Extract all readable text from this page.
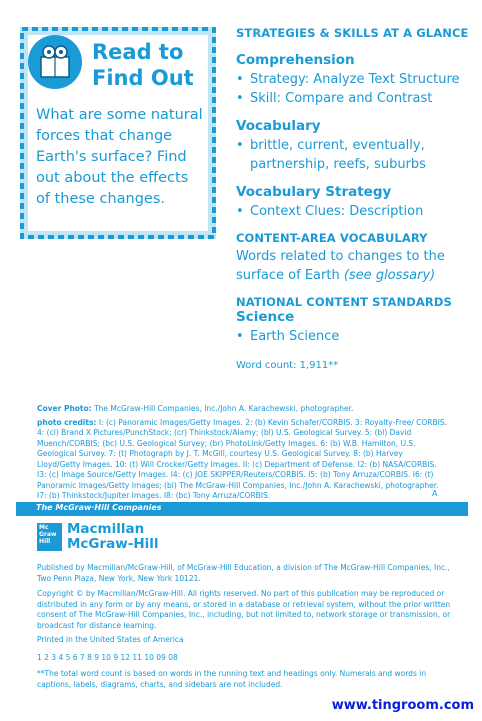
Read to
Find Out
What are some natural forces that change Earth's surface? Find out about the effects of these changes.
STRATEGIES & SKILLS AT A GLANCE
Comprehension
• Strategy: Analyze Text Structure
• Skill: Compare and Contrast
Vocabulary
• brittle, current, eventually, partnership, reefs, suburbs
Vocabulary Strategy
• Context Clues: Description
CONTENT-AREA VOCABULARY
Words related to changes to the surface of Earth (see glossary)
NATIONAL CONTENT STANDARDS
Science
• Earth Science
Word count: 1,911**
Cover Photo: The McGraw-Hill Companies, Inc./John A. Karachewski, photographer.
photo credits: I: (c) Panoramic Images/Getty Images. 2: (b) Kevin Schafer/CORBIS. 3: Royalty-Free/ CORBIS. 4: (cl) Brand X Pictures/PunchStock; (cr) Thinkstock/Alamy; (bl) U.S. Geological Survey. 5: (bl) David Muench/CORBIS; (bc) U.S. Geological Survey; (br) PhotoLink/Getty Images. 6: (b) W.B. Hamilton, U.S. Geological Survey. 7: (t) Photograph by J. T. McGill, courtesy U.S. Geological Survey. 8: (b) Harvey Lloyd/Getty Images. 10: (t) Will Crocker/Getty Images. II: (c) Department of Defense. I2: (b) NASA/CORBIS. I3: (c) Image Source/Getty Images. I4: (c) JOE SKIPPER/Reuters/CORBIS. I5: (b) Tony Arruza/CORBIS. I6: (t) Panoramic Images/Getty Images; (bl) The McGraw-Hill Companies, Inc./John A. Karachewski, photographer. I7: (b) Thinkstock/Jupiter Images. I8: (bc) Tony Arruza/CORBIS.	A
The McGraw·Hill Companies
Mc Graw Hill
Macmillan
McGraw-Hill
Published by Macmillan/McGraw-Hill, of McGraw-Hill Education, a division of The McGraw-Hill Companies, Inc., Two Penn Plaza, New York, New York 10121.
Copyright © by Macmillan/McGraw-Hill. All rights reserved. No part of this publication may be reproduced or distributed in any form or by any means, or stored in a database or retrieval system, without the prior written consent of The McGraw-Hill Companies, Inc., including, but not limited to, network storage or transmission, or broadcast for distance learning.
Printed in the United States of America
1 2 3 4 5 6 7 8 9 10 9 12 11 10 09 08
**The total word count is based on words in the running text and headings only. Numerals and words in captions, labels, diagrams, charts, and sidebars are not included.
www.tingroom.com
